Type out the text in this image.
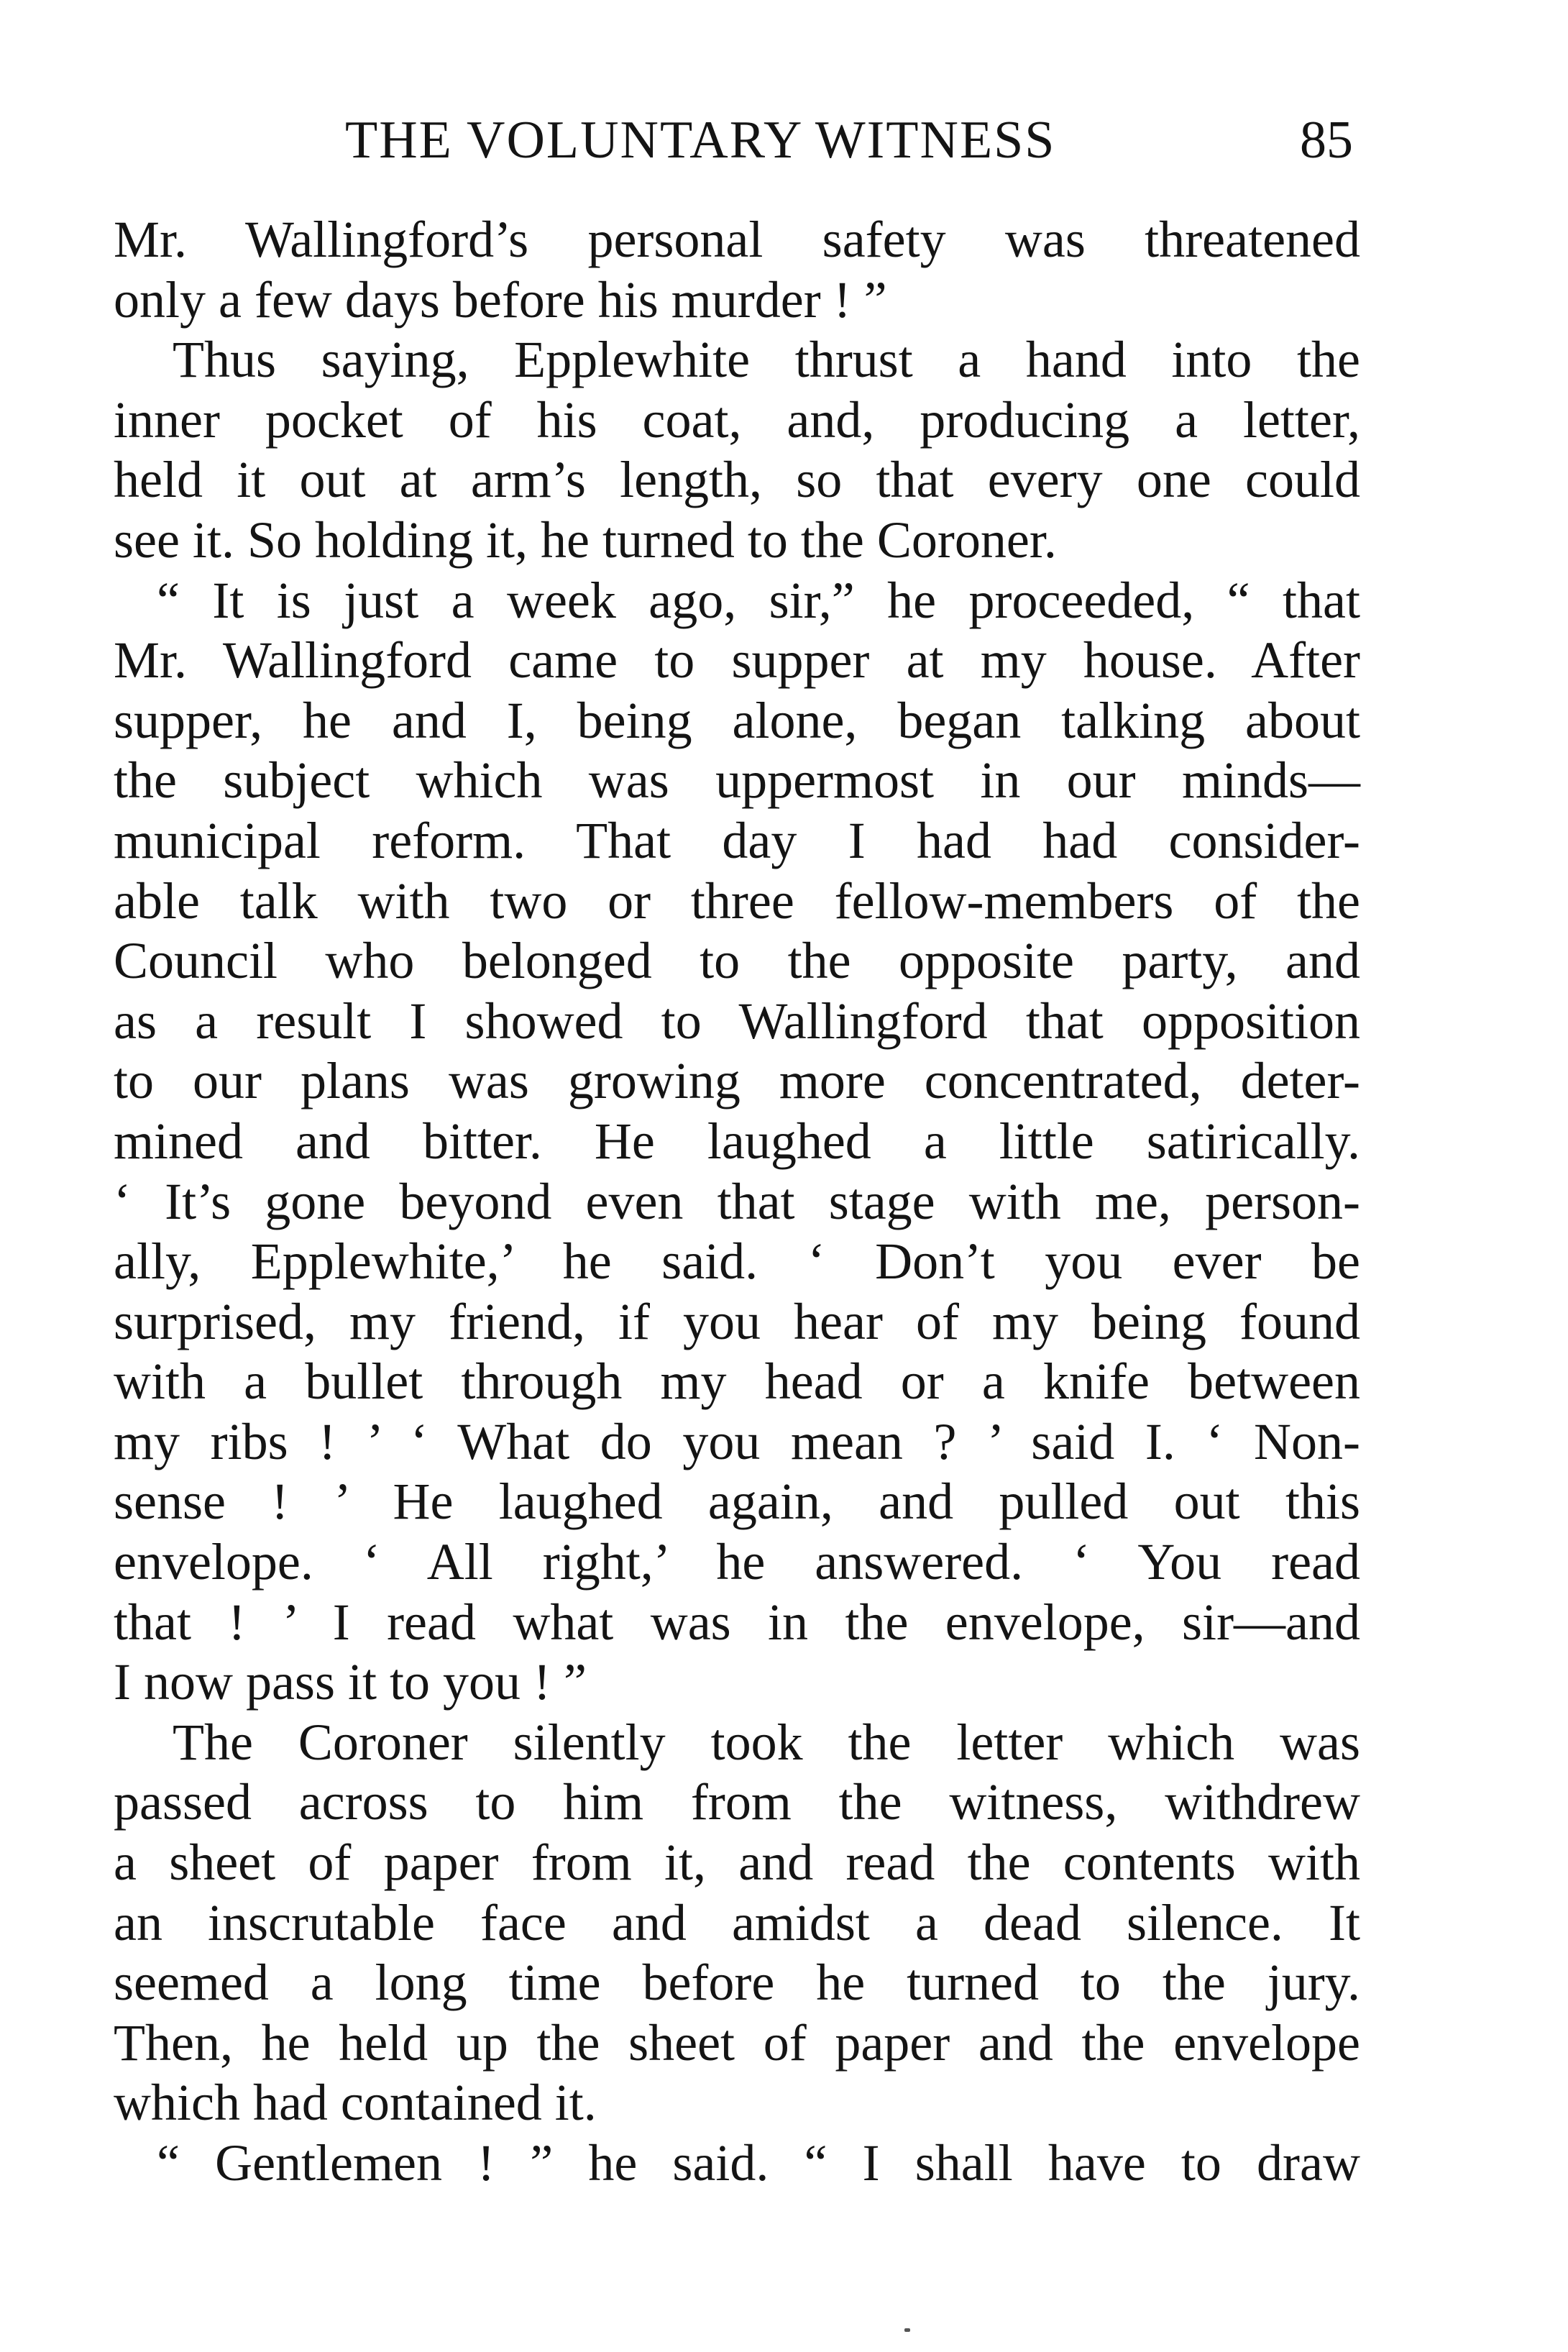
THE VOLUNTARY WITNESS	85
Mr. Wallingford’s personal safety was threatened
only a few days before his murder ! ”
Thus saying, Epplewhite thrust a hand into the
inner pocket of his coat, and, producing a letter,
held it out at arm’s length, so that every one could
see it. So holding it, he turned to the Coroner.
“ It is just a week ago, sir,” he proceeded, “ that
Mr. Wallingford came to supper at my house. After
supper, he and I, being alone, began talking about
the subject which was uppermost in our minds—
municipal reform. That day I had had consider-
able talk with two or three fellow-members of the
Council who belonged to the opposite party, and
as a result I showed to Wallingford that opposition
to our plans was growing more concentrated, deter-
mined and bitter. He laughed a little satirically.
‘ It’s gone beyond even that stage with me, person-
ally, Epplewhite,’ he said. ‘ Don’t you ever be
surprised, my friend, if you hear of my being found
with a bullet through my head or a knife between
my ribs ! ’ ‘ What do you mean ? ’ said I. ‘ Non-
sense ! ’ He laughed again, and pulled out this
envelope. ‘ All right,’ he answered. ‘ You read
that ! ’ I read what was in the envelope, sir—and
I now pass it to you ! ”
The Coroner silently took the letter which was
passed across to him from the witness, withdrew
a sheet of paper from it, and read the contents with
an inscrutable face and amidst a dead silence. It
seemed a long time before he turned to the jury.
Then, he held up the sheet of paper and the envelope
which had contained it.
“ Gentlemen ! ” he said. “ I shall have to draw
